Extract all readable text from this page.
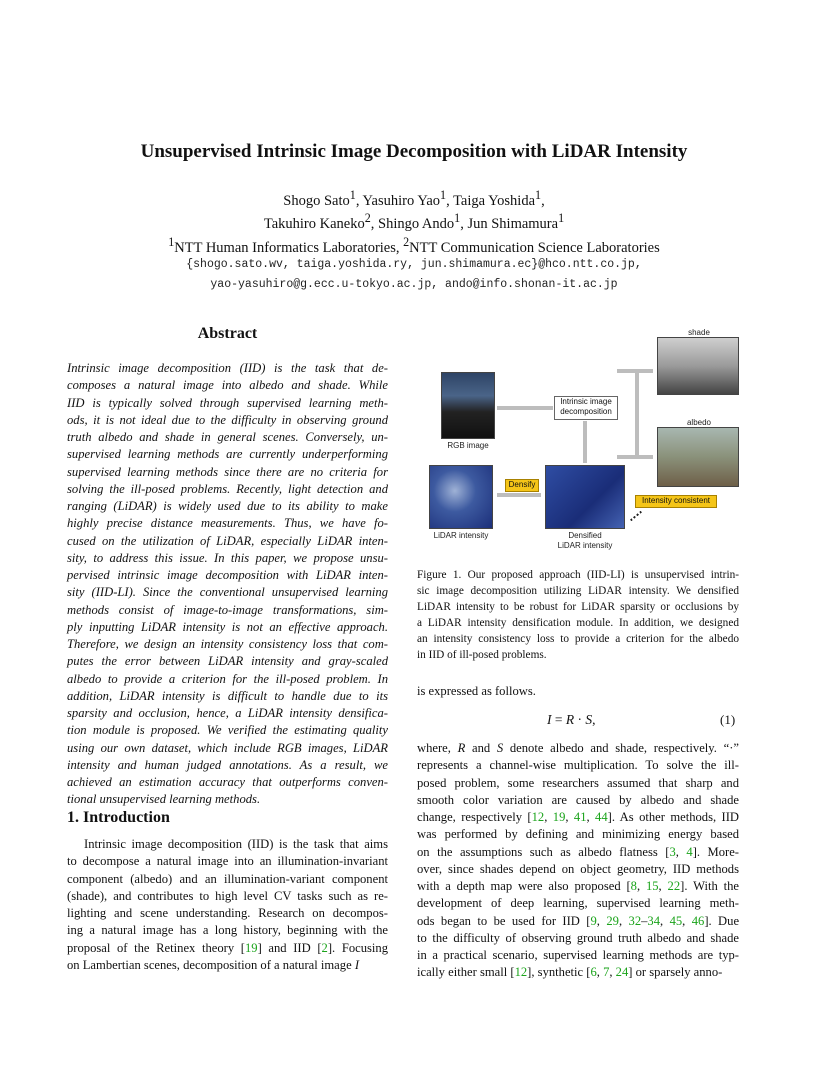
Unsupervised Intrinsic Image Decomposition with LiDAR Intensity
Shogo Sato$^1$, Yasuhiro Yao$^1$, Taiga Yoshida$^1$,
Takuhiro Kaneko$^2$, Shingo Ando$^1$, Jun Shimamura$^1$
$^1$NTT Human Informatics Laboratories, $^2$NTT Communication Science Laboratories
{shogo.sato.wv, taiga.yoshida.ry, jun.shimamura.ec}@hco.ntt.co.jp,
yao-yasuhiro@g.ecc.u-tokyo.ac.jp, ando@info.shonan-it.ac.jp
Abstract
Intrinsic image decomposition (IID) is the task that de-
composes a natural image into albedo and shade. While
IID is typically solved through supervised learning meth-
ods, it is not ideal due to the difficulty in observing ground
truth albedo and shade in general scenes. Conversely, un-
supervised learning methods are currently underperforming
supervised learning methods since there are no criteria for
solving the ill-posed problems. Recently, light detection and
ranging (LiDAR) is widely used due to its ability to make
highly precise distance measurements. Thus, we have fo-
cused on the utilization of LiDAR, especially LiDAR inten-
sity, to address this issue. In this paper, we propose unsu-
pervised intrinsic image decomposition with LiDAR inten-
sity (IID-LI). Since the conventional unsupervised learning
methods consist of image-to-image transformations, sim-
ply inputting LiDAR intensity is not an effective approach.
Therefore, we design an intensity consistency loss that com-
putes the error between LiDAR intensity and gray-scaled
albedo to provide a criterion for the ill-posed problem. In
addition, LiDAR intensity is difficult to handle due to its
sparsity and occlusion, hence, a LiDAR intensity densifica-
tion module is proposed. We verified the estimating quality
using our own dataset, which include RGB images, LiDAR
intensity and human judged annotations. As a result, we
achieved an estimation accuracy that outperforms conven-
tional unsupervised learning methods.
1. Introduction
Intrinsic image decomposition (IID) is the task that aims
to decompose a natural image into an illumination-invariant
component (albedo) and an illumination-variant component
(shade), and contributes to high level CV tasks such as re-
lighting and scene understanding. Research on decompos-
ing a natural image has a long history, beginning with the
proposal of the Retinex theory [19] and IID [2]. Focusing
on Lambertian scenes, decomposition of a natural image I
RGB image
LiDAR intensity
Densify
Densified
LiDAR intensity
Intrinsic image
decomposition
shade
albedo
Intensity consistent
Figure 1. Our proposed approach (IID-LI) is unsupervised intrin-
sic image decomposition utilizing LiDAR intensity. We densified
LiDAR intensity to be robust for LiDAR sparsity or occlusions by
a LiDAR intensity densification module. In addition, we designed
an intensity consistency loss to provide a criterion for the albedo
in IID of ill-posed problems.
is expressed as follows.
I = R · S,	(1)
where, R and S denote albedo and shade, respectively. “·”
represents a channel-wise multiplication. To solve the ill-
posed problem, some researchers assumed that sharp and
smooth color variation are caused by albedo and shade
change, respectively [12, 19, 41, 44]. As other methods, IID
was performed by defining and minimizing energy based
on the assumptions such as albedo flatness [3, 4]. More-
over, since shades depend on object geometry, IID methods
with a depth map were also proposed [8, 15, 22]. With the
development of deep learning, supervised learning meth-
ods began to be used for IID [9, 29, 32–34, 45, 46]. Due
to the difficulty of observing ground truth albedo and shade
in a practical scenario, supervised learning methods are typ-
ically either small [12], synthetic [6, 7, 24] or sparsely anno-
